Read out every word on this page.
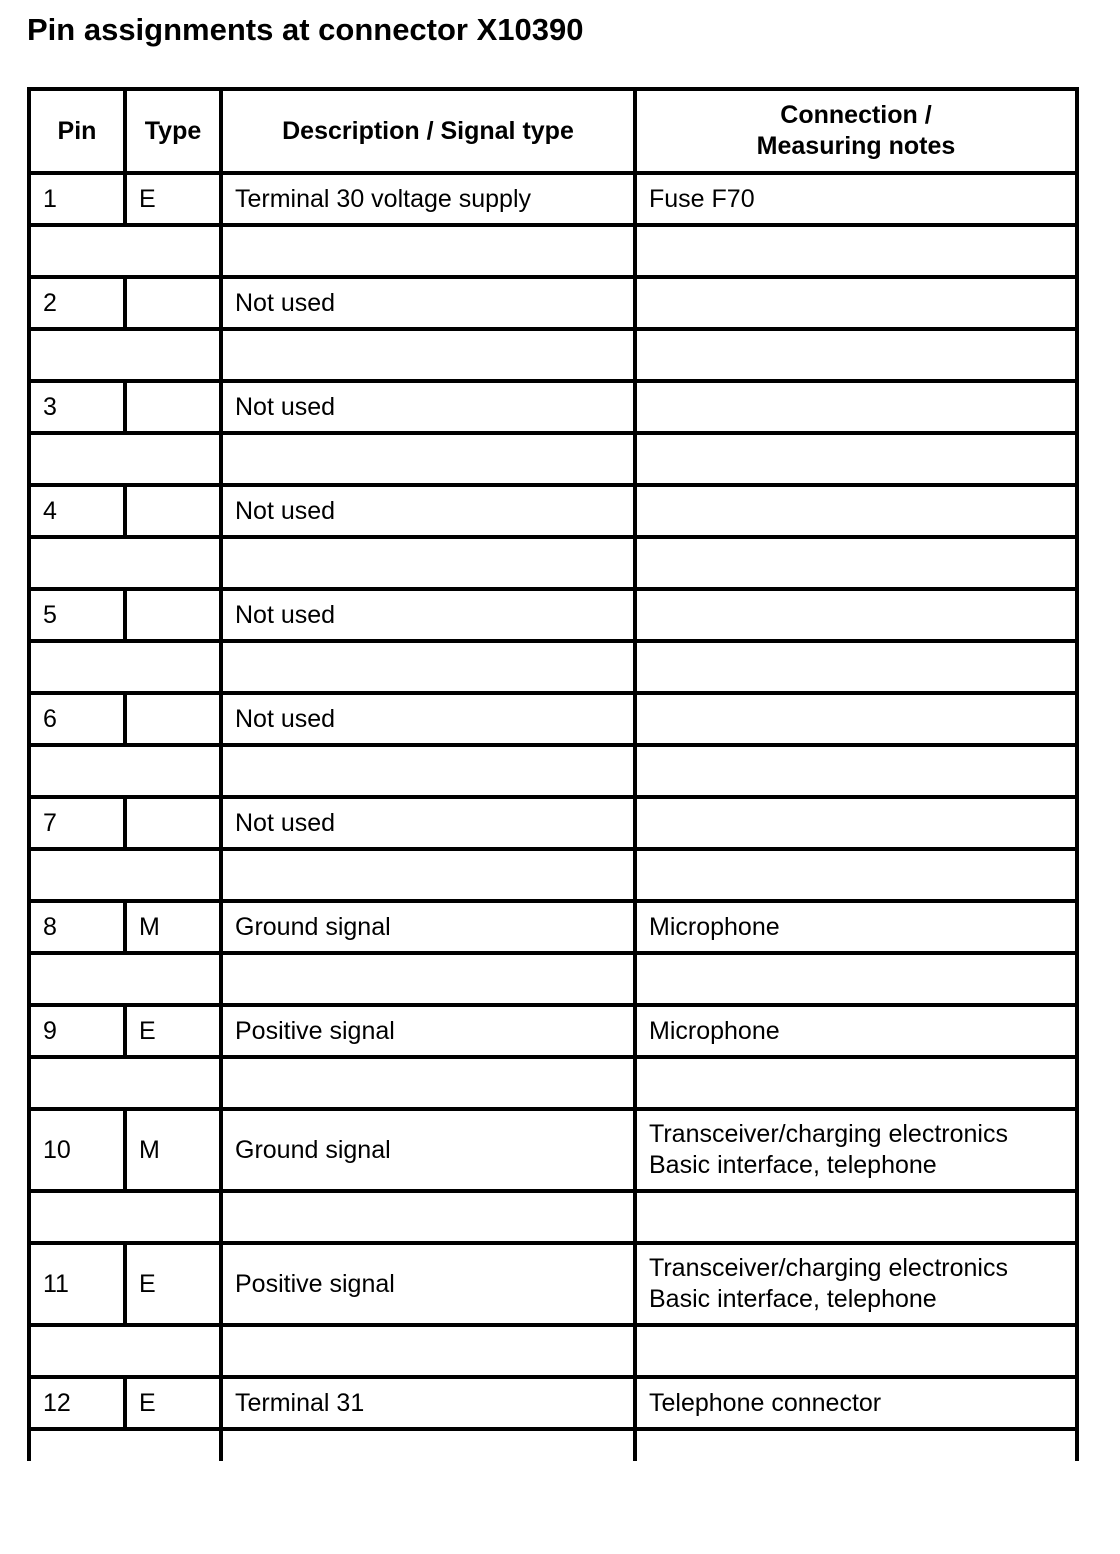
Pin assignments at connector X10390
Pin	Type	Description / Signal type	Connection /
Measuring notes

1	E	Terminal 30 voltage supply	Fuse F70

2		Not used	

3		Not used	

4		Not used	

5		Not used	

6		Not used	

7		Not used	

8	M	Ground signal	Microphone

9	E	Positive signal	Microphone

10	M	Ground signal	Transceiver/charging electronics
Basic interface, telephone

11	E	Positive signal	Transceiver/charging electronics
Basic interface, telephone

12	E	Terminal 31	Telephone connector
